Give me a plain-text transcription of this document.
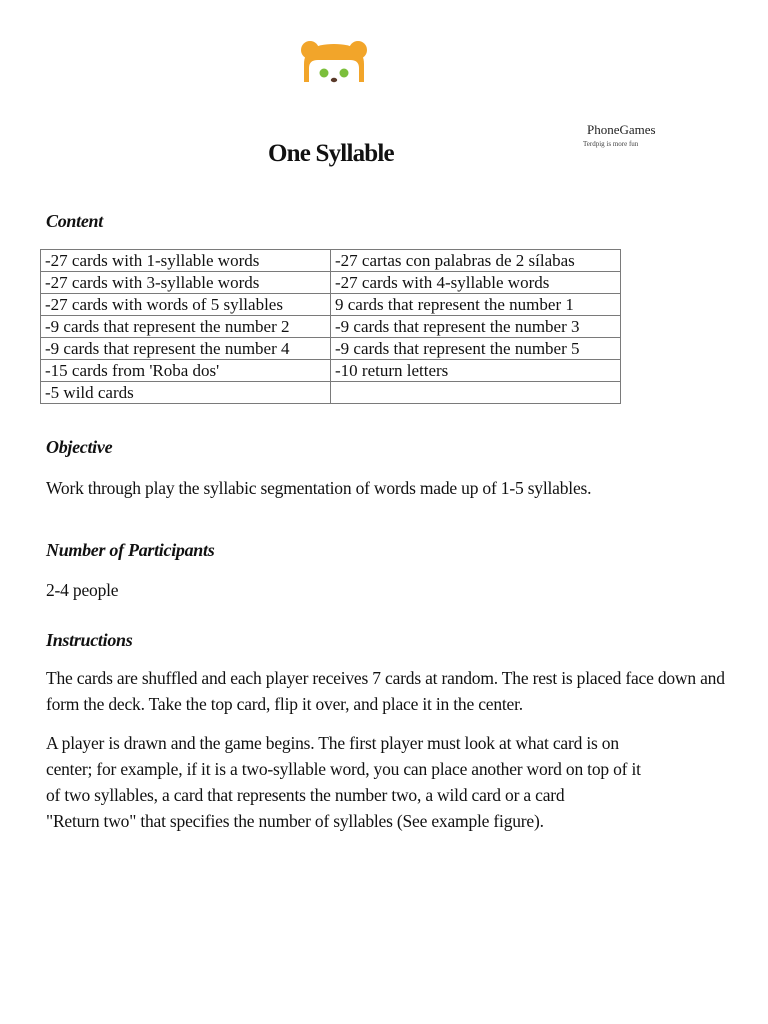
PhoneGames
Terdpig is more fun
One Syllable
Content
-27 cards with 1-syllable words	-27 cartas con palabras de 2 sílabas
-27 cards with 3-syllable words	-27 cards with 4-syllable words
-27 cards with words of 5 syllables	9 cards that represent the number 1
-9 cards that represent the number 2	-9 cards that represent the number 3
-9 cards that represent the number 4	-9 cards that represent the number 5
-15 cards from 'Roba dos'	-10 return letters
-5 wild cards	
Objective

Work through play the syllabic segmentation of words made up of 1-5 syllables.

Number of Participants

2-4 people

Instructions

The cards are shuffled and each player receives 7 cards at random. The rest is placed face down and
form the deck. Take the top card, flip it over, and place it in the center.

A player is drawn and the game begins. The first player must look at what card is on
center; for example, if it is a two-syllable word, you can place another word on top of it
of two syllables, a card that represents the number two, a wild card or a card
"Return two" that specifies the number of syllables (See example figure).
